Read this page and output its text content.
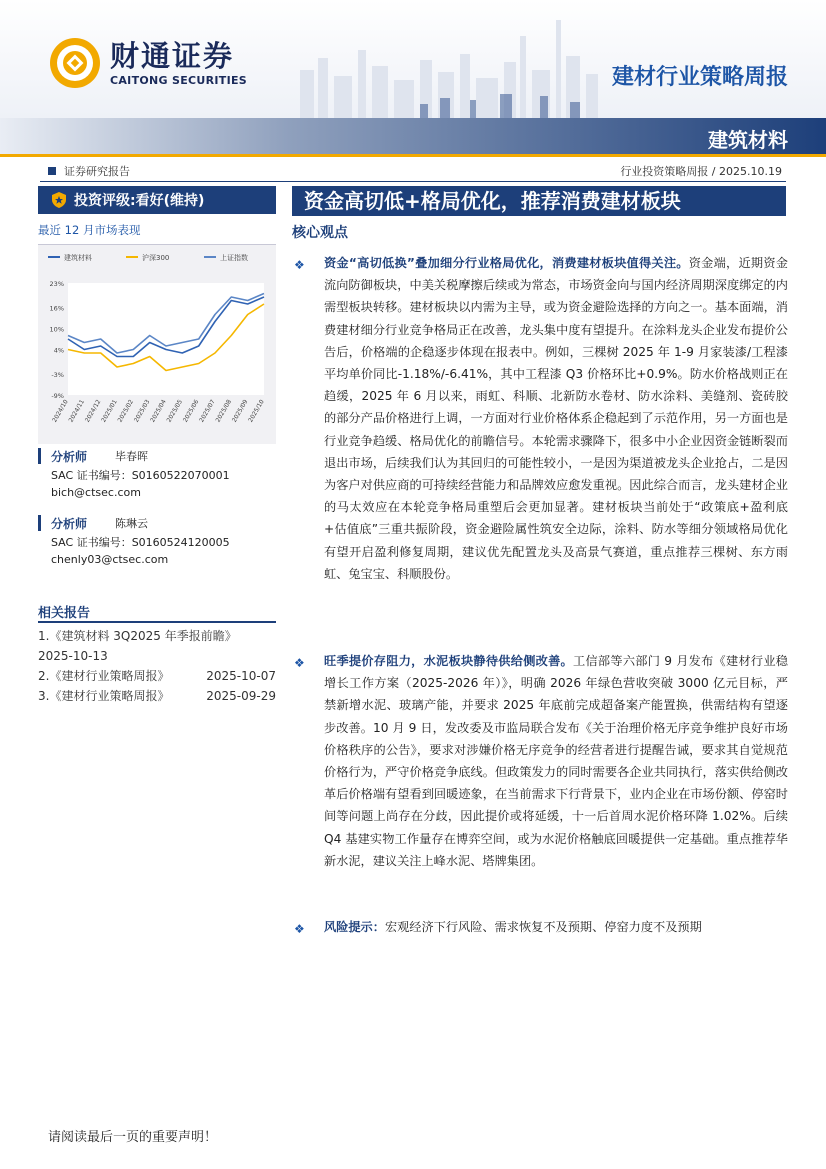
财通证券
CAITONG SECURITIES	建材行业策略周报
建筑材料
证券研究报告	行业投资策略周报 / 2025.10.19
投资评级:看好(维持)
最近 12 月市场表现
建筑材料	沪深300	上证指数
23%
16%
10%
4%
-3%
-9%
2024/10
2024/11
2024/12
2025/01
2025/02
2025/03
2025/04
2025/05
2025/06
2025/07
2025/08
2025/09
2025/10
分析师	毕春晖
SAC 证书编号：S0160522070001
bich@ctsec.com
分析师	陈琳云
SAC 证书编号：S0160524120005
chenly03@ctsec.com
相关报告
1.《建筑材料 3Q2025 年季报前瞻》
2025-10-13
2.《建材行业策略周报》	2025-10-07
3.《建材行业策略周报》	2025-09-29
资金高切低+格局优化，推荐消费建材板块
核心观点
❖	资金“高切低换”叠加细分行业格局优化，消费建材板块值得关注。资金端，近期资金流向防御板块，中美关税摩擦后续或为常态，市场资金向与国内经济周期深度绑定的内需型板块转移。建材板块以内需为主导，或为资金避险选择的方向之一。基本面端，消费建材细分行业竞争格局正在改善，龙头集中度有望提升。在涂料龙头企业发布提价公告后，价格端的企稳逐步体现在报表中。例如，三棵树 2025 年 1-9 月家装漆/工程漆平均单价同比-1.18%/-6.41%，其中工程漆 Q3 价格环比+0.9%。防水价格战则正在趋缓，2025 年 6 月以来，雨虹、科顺、北新防水卷材、防水涂料、美缝剂、瓷砖胶的部分产品价格进行上调，一方面对行业价格体系企稳起到了示范作用，另一方面也是行业竞争趋缓、格局优化的前瞻信号。本轮需求骤降下，很多中小企业因资金链断裂而退出市场，后续我们认为其回归的可能性较小，一是因为渠道被龙头企业抢占，二是因为客户对供应商的可持续经营能力和品牌效应愈发重视。因此综合而言，龙头建材企业的马太效应在本轮竞争格局重塑后会更加显著。建材板块当前处于“政策底+盈利底+估值底”三重共振阶段，资金避险属性筑安全边际，涂料、防水等细分领域格局优化有望开启盈利修复周期，建议优先配置龙头及高景气赛道，重点推荐三棵树、东方雨虹、兔宝宝、科顺股份。
❖	旺季提价存阻力，水泥板块静待供给侧改善。工信部等六部门 9 月发布《建材行业稳增长工作方案（2025-2026 年）》，明确 2026 年绿色营收突破 3000 亿元目标，严禁新增水泥、玻璃产能，并要求 2025 年底前完成超备案产能置换，供需结构有望逐步改善。10 月 9 日，发改委及市监局联合发布《关于治理价格无序竞争维护良好市场价格秩序的公告》，要求对涉嫌价格无序竞争的经营者进行提醒告诫，要求其自觉规范价格行为，严守价格竞争底线。但政策发力的同时需要各企业共同执行，落实供给侧改革后价格端有望看到回暖迹象，在当前需求下行背景下，业内企业在市场份额、停窑时间等问题上尚存在分歧，因此提价或将延缓，十一后首周水泥价格环降 1.02%。后续 Q4 基建实物工作量存在博弈空间，或为水泥价格触底回暖提供一定基础。重点推荐华新水泥，建议关注上峰水泥、塔牌集团。
❖	风险提示：宏观经济下行风险、需求恢复不及预期、停窑力度不及预期
请阅读最后一页的重要声明！
